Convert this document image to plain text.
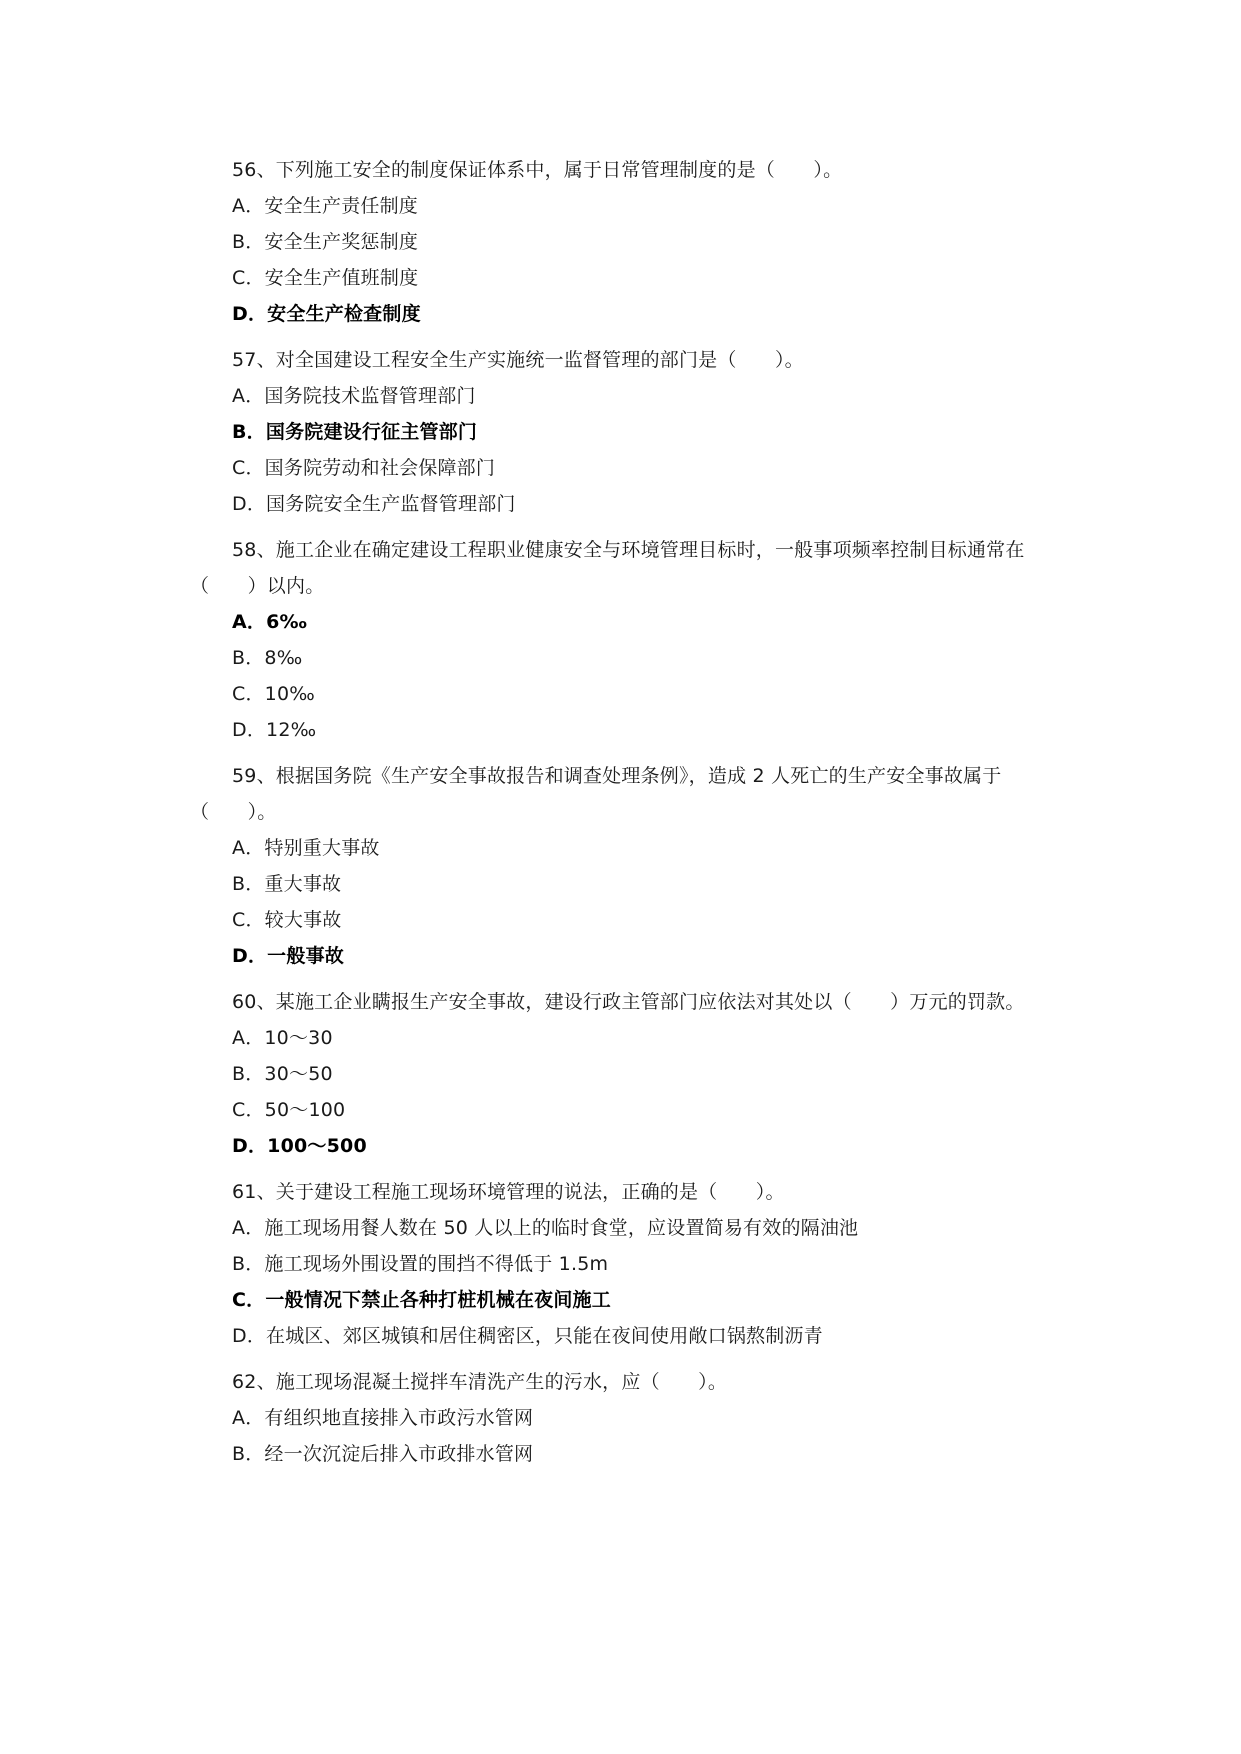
56、下列施工安全的制度保证体系中，属于日常管理制度的是（　　）。

A．安全生产责任制度

B．安全生产奖惩制度

C．安全生产值班制度

D．安全生产检查制度

57、对全国建设工程安全生产实施统一监督管理的部门是（　　）。

A．国务院技术监督管理部门

B．国务院建设行征主管部门

C．国务院劳动和社会保障部门

D．国务院安全生产监督管理部门

58、施工企业在确定建设工程职业健康安全与环境管理目标时，一般事项频率控制目标通常在（　　）以内。

A．6‰

B．8‰

C．10‰

D．12‰

59、根据国务院《生产安全事故报告和调查处理条例》，造成 2 人死亡的生产安全事故属于（　　）。

A．特别重大事故

B．重大事故

C．较大事故

D．一般事故

60、某施工企业瞒报生产安全事故，建设行政主管部门应依法对其处以（　　）万元的罚款。

A．10～30

B．30～50

C．50～100

D．100～500

61、关于建设工程施工现场环境管理的说法，正确的是（　　）。

A．施工现场用餐人数在 50 人以上的临时食堂，应设置简易有效的隔油池

B．施工现场外围设置的围挡不得低于 1.5m

C．一般情况下禁止各种打桩机械在夜间施工

D．在城区、郊区城镇和居住稠密区，只能在夜间使用敞口锅熬制沥青

62、施工现场混凝土搅拌车清洗产生的污水，应（　　）。

A．有组织地直接排入市政污水管网

B．经一次沉淀后排入市政排水管网
